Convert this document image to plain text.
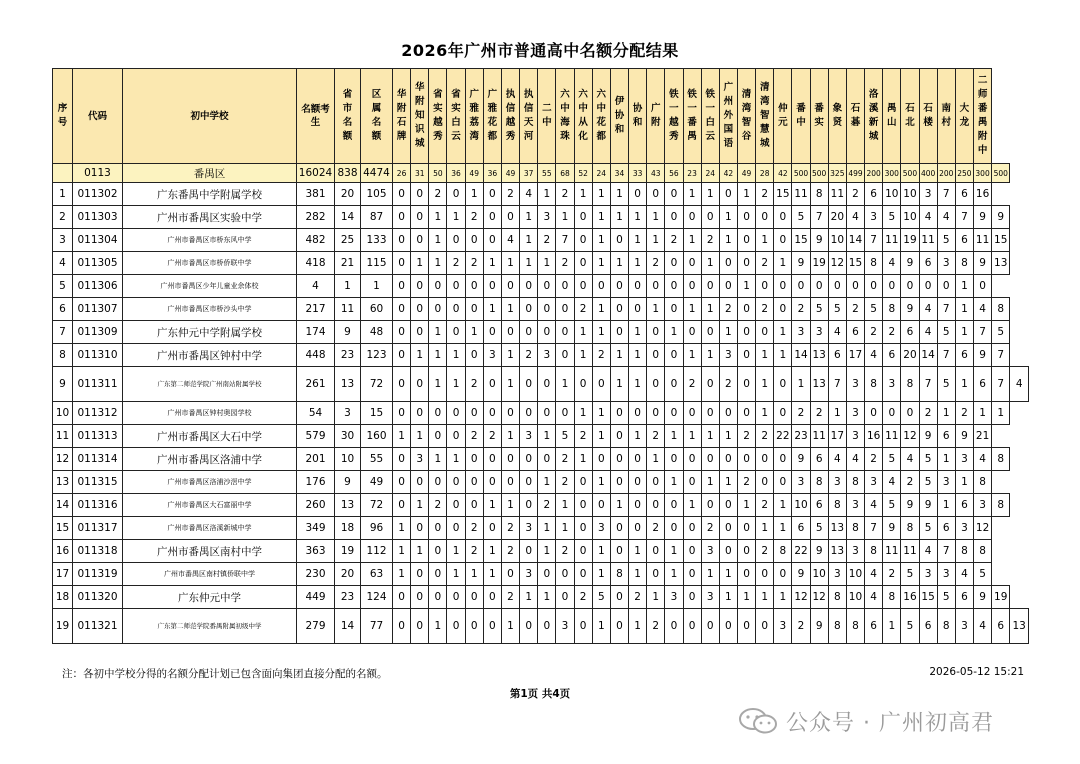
2026年广州市普通高中名额分配结果
序号	代码	初中学校	名额考生	省市名额	区属名额	华附石牌	华附知识城	省实越秀	省实白云	广雅荔湾	广雅花都	执信越秀	执信天河	二中	六中海珠	六中从化	六中花都	伊协和	协和	广附	铁一越秀	铁一番禺	铁一白云	广州外国语	清湾智谷	清湾智慧城	仲元	番中	番实	象贤	石碁	洛溪新城	禺山	石北	石楼	南村	大龙	二师番禺附中		
	0113	番禺区	16024	838	4474	26	31	50	36	49	36	49	37	55	68	52	24	34	33	43	56	23	24	42	49	28	42	500	500	325	499	200	300	500	400	200	250	300	500	
1	011302	广东番禺中学附属学校	381	20	105	0	0	2	0	1	0	2	4	1	2	1	1	1	0	0	0	1	1	0	1	2	15	11	8	11	2	6	10	10	3	7	6	16		
2	011303	广州市番禺区实验中学	282	14	87	0	0	1	1	2	0	0	1	3	1	0	1	1	1	1	0	0	0	1	0	0	0	5	7	20	4	3	5	10	4	4	7	9	9	
3	011304	广州市番禺区市桥东风中学	482	25	133	0	0	1	0	0	0	4	1	2	7	0	1	0	1	1	2	1	2	1	0	1	0	15	9	10	14	7	11	19	11	5	6	11	15	
4	011305	广州市番禺区市桥侨联中学	418	21	115	0	1	1	2	2	1	1	1	1	2	0	1	1	1	2	0	0	1	0	0	2	1	9	19	12	15	8	4	9	6	3	8	9	13	
5	011306	广州市番禺区少年儿童业余体校	4	1	1	0	0	0	0	0	0	0	0	0	0	0	0	0	0	0	0	0	0	0	1	0	0	0	0	0	0	0	0	0	0	0	1	0		
6	011307	广州市番禺区市桥沙头中学	217	11	60	0	0	0	0	0	1	1	0	0	0	2	1	0	0	1	0	1	1	2	0	2	0	2	5	5	2	5	8	9	4	7	1	4	8	
7	011309	广东仲元中学附属学校	174	9	48	0	0	1	0	1	0	0	0	0	0	1	1	0	1	0	1	0	0	1	0	0	1	3	3	4	6	2	2	6	4	5	1	7	5	
8	011310	广州市番禺区钟村中学	448	23	123	0	1	1	1	0	3	1	2	3	0	1	2	1	1	0	0	1	1	3	0	1	1	14	13	6	17	4	6	20	14	7	6	9	7	
9	011311	广东第二师范学院广州南站附属学校	261	13	72	0	0	1	1	2	0	1	0	0	1	0	0	1	1	0	0	2	0	2	0	1	0	1	13	7	3	8	3	8	7	5	1	6	7	4
10	011312	广州市番禺区钟村奥园学校	54	3	15	0	0	0	0	0	0	0	0	0	0	1	1	0	0	0	0	0	0	0	0	1	0	2	2	1	3	0	0	0	2	1	2	1	1	
11	011313	广州市番禺区大石中学	579	30	160	1	1	0	0	2	2	1	3	1	5	2	1	0	1	2	1	1	1	1	2	2	22	23	11	17	3	16	11	12	9	6	9	21		
12	011314	广州市番禺区洛浦中学	201	10	55	0	3	1	1	0	0	0	0	0	2	1	0	0	0	1	0	0	0	0	0	0	0	9	6	4	4	2	5	4	5	1	3	4	8	
13	011315	广州市番禺区洛浦沙滘中学	176	9	49	0	0	0	0	0	0	0	0	1	2	0	1	0	0	0	1	0	1	1	2	0	0	3	8	3	8	3	4	2	5	3	1	8		
14	011316	广州市番禺区大石富丽中学	260	13	72	0	1	2	0	0	1	1	0	2	1	0	0	1	0	0	0	1	0	0	1	2	1	10	6	8	3	4	5	9	9	1	6	3	8	
15	011317	广州市番禺区洛溪新城中学	349	18	96	1	0	0	0	2	0	2	3	1	1	0	3	0	0	2	0	0	2	0	0	1	1	6	5	13	8	7	9	8	5	6	3	12		
16	011318	广州市番禺区南村中学	363	19	112	1	1	0	1	2	1	2	0	1	2	0	1	0	1	0	1	0	3	0	0	2	8	22	9	13	3	8	11	11	4	7	8	8		
17	011319	广州市番禺区南村镇侨联中学	230	20	63	1	0	0	1	1	1	0	3	0	0	0	1	8	1	0	1	0	1	1	0	0	0	9	10	3	10	4	2	5	3	3	4	5		
18	011320	广东仲元中学	449	23	124	0	0	0	0	0	0	2	1	1	0	2	5	0	2	1	3	0	3	1	1	1	1	12	12	8	10	4	8	16	15	5	6	9	19	
19	011321	广东第二师范学院番禺附属初级中学	279	14	77	0	0	1	0	0	0	1	0	0	3	0	1	0	1	2	0	0	0	0	0	0	3	2	9	8	8	6	1	5	6	8	3	4	6	13
注：各初中学校分得的名额分配计划已包含面向集团直接分配的名额。	2026-05-12 15:21
第1页 共4页
公众号 · 广州初高君
